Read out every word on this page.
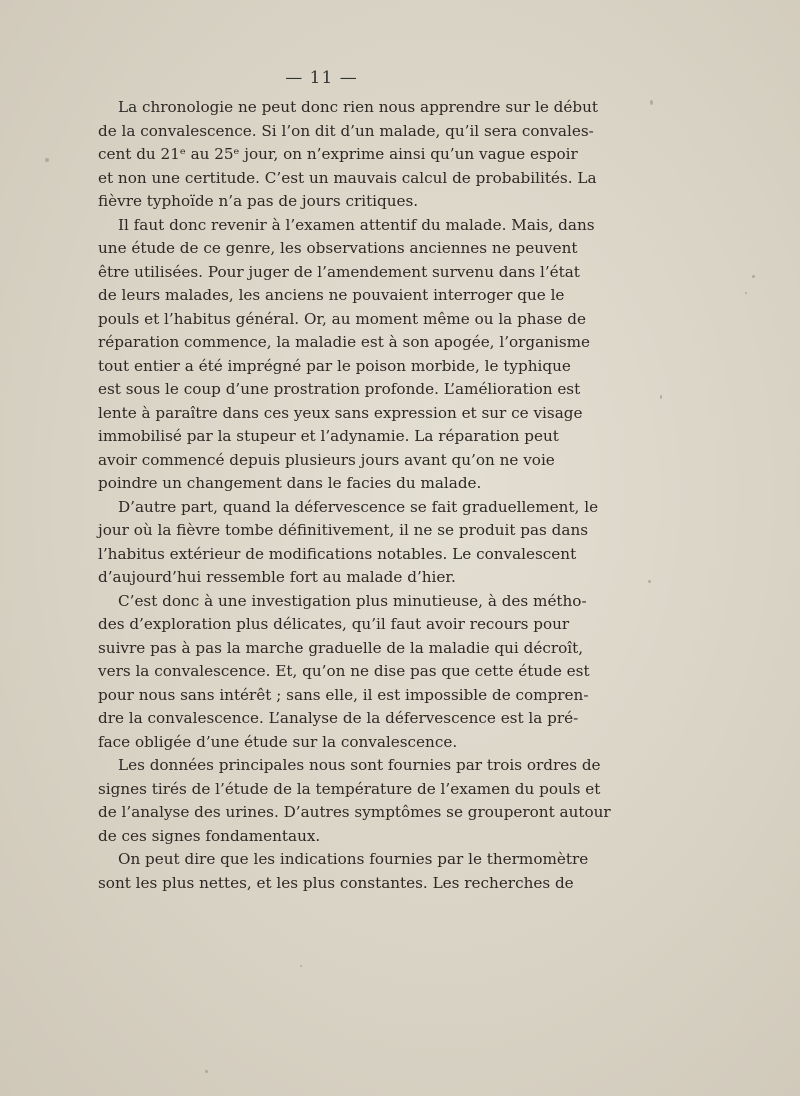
— 11 —
La chronologie ne peut donc rien nous apprendre sur le début
de la convalescence. Si l’on dit d’un malade, qu’il sera convales-
cent du 21ᵉ au 25ᵉ jour, on n’exprime ainsi qu’un vague espoir
et non une certitude. C’est un mauvais calcul de probabilités. La
fièvre typhoïde n’a pas de jours critiques.
Il faut donc revenir à l’examen attentif du malade. Mais, dans
une étude de ce genre, les observations anciennes ne peuvent
être utilisées. Pour juger de l’amendement survenu dans l’état
de leurs malades, les anciens ne pouvaient interroger que le
pouls et l’habitus général. Or, au moment même ou la phase de
réparation commence, la maladie est à son apogée, l’organisme
tout entier a été imprégné par le poison morbide, le typhique
est sous le coup d’une prostration profonde. L’amélioration est
lente à paraître dans ces yeux sans expression et sur ce visage
immobilisé par la stupeur et l’adynamie. La réparation peut
avoir commencé depuis plusieurs jours avant qu’on ne voie
poindre un changement dans le facies du malade.
D’autre part, quand la défervescence se fait graduellement, le
jour où la fièvre tombe définitivement, il ne se produit pas dans
l’habitus extérieur de modifications notables. Le convalescent
d’aujourd’hui ressemble fort au malade d’hier.
C’est donc à une investigation plus minutieuse, à des métho-
des d’exploration plus délicates, qu’il faut avoir recours pour
suivre pas à pas la marche graduelle de la maladie qui décroît,
vers la convalescence. Et, qu’on ne dise pas que cette étude est
pour nous sans intérêt ; sans elle, il est impossible de compren-
dre la convalescence. L’analyse de la défervescence est la pré-
face obligée d’une étude sur la convalescence.
Les données principales nous sont fournies par trois ordres de
signes tirés de l’étude de la température de l’examen du pouls et
de l’analyse des urines. D’autres symptômes se grouperont autour
de ces signes fondamentaux.
On peut dire que les indications fournies par le thermomètre
sont les plus nettes, et les plus constantes. Les recherches de
